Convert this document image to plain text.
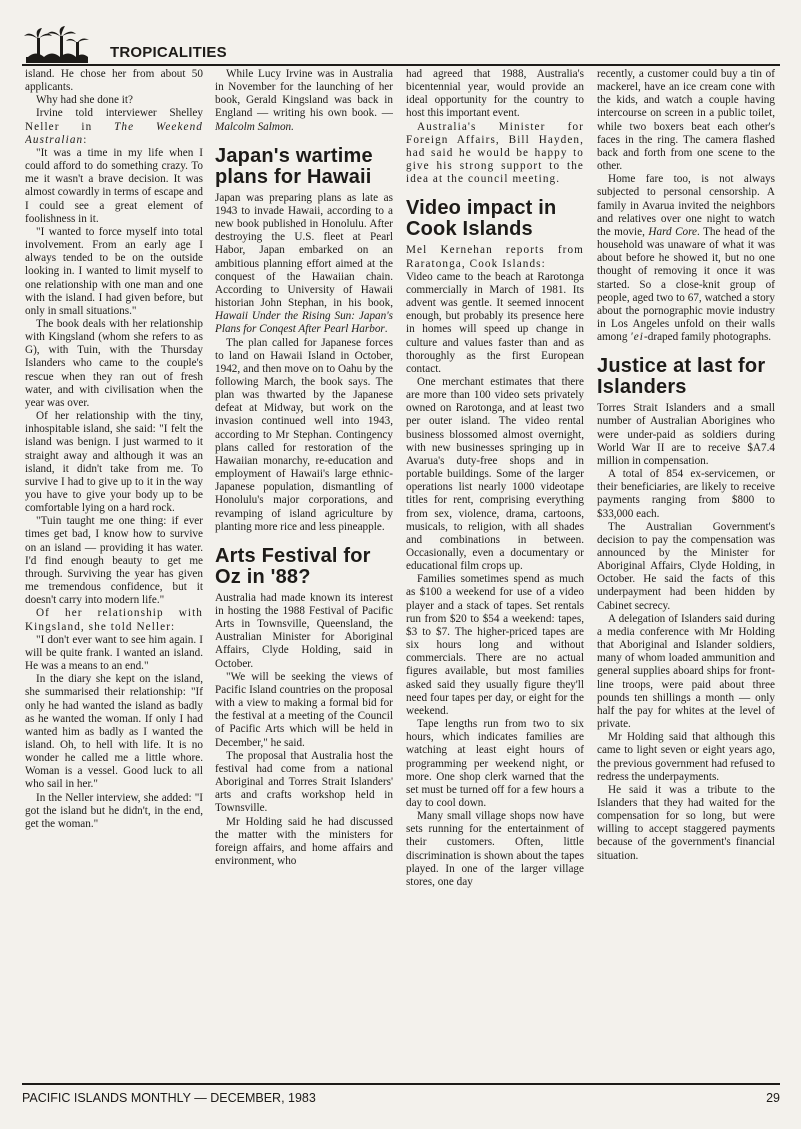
TROPICALITIES

island. He chose her from about 50 applicants.

Why had she done it?

Irvine told interviewer Shelley Neller in The Weekend Australian:

"It was a time in my life when I could afford to do something crazy. To me it wasn't a brave decision. It was almost cowardly in terms of escape and I could see a great element of foolishness in it.

"I wanted to force myself into total involvement. From an early age I always tended to be on the outside looking in. I wanted to limit myself to one relationship with one man and one with the island. I had given before, but only in small situations."

The book deals with her relationship with Kingsland (whom she refers to as G), with Tuin, with the Thursday Islanders who came to the couple's rescue when they ran out of fresh water, and with civilisation when the year was over.

Of her relationship with the tiny, inhospitable island, she said: "I felt the island was benign. I just warmed to it straight away and although it was an island, it didn't take from me. To survive I had to give up to it in the way you have to give your body up to be comfortable lying on a hard rock.

"Tuin taught me one thing: if ever times get bad, I know how to survive on an island — providing it has water. I'd find enough beauty to get me through. Surviving the year has given me tremendous confidence, but it doesn't carry into modern life."

Of her relationship with Kingsland, she told Neller:

"I don't ever want to see him again. I will be quite frank. I wanted an island. He was a means to an end."

In the diary she kept on the island, she summarised their relationship: "If only he had wanted the island as badly as he wanted the woman. If only I had wanted him as badly as I wanted the island. Oh, to hell with life. It is no wonder he called me a little whore. Woman is a vessel. Good luck to all who sail in her."

In the Neller interview, she added: "I got the island but he didn't, in the end, get the woman."

While Lucy Irvine was in Australia in November for the launching of her book, Gerald Kingsland was back in England — writing his own book. — Malcolm Salmon.

Japan's wartime plans for Hawaii

Japan was preparing plans as late as 1943 to invade Hawaii, according to a new book published in Honolulu. After destroying the U.S. fleet at Pearl Habor, Japan embarked on an ambitious planning effort aimed at the conquest of the Hawaiian chain. According to University of Hawaii historian John Stephan, in his book, Hawaii Under the Rising Sun: Japan's Plans for Conqest After Pearl Harbor.

The plan called for Japanese forces to land on Hawaii Island in October, 1942, and then move on to Oahu by the following March, the book says. The plan was thwarted by the Japanese defeat at Midway, but work on the invasion continued well into 1943, according to Mr Stephan. Contingency plans called for restoration of the Hawaiian monarchy, re-education and employment of Hawaii's large ethnic-Japanese population, dismantling of Honolulu's major corporations, and revamping of island agriculture by planting more rice and less pineapple.

Arts Festival for Oz in '88?

Australia had made known its interest in hosting the 1988 Festival of Pacific Arts in Townsville, Queensland, the Australian Minister for Aboriginal Affairs, Clyde Holding, said in October.

"We will be seeking the views of Pacific Island countries on the proposal with a view to making a formal bid for the festival at a meeting of the Council of Pacific Arts which will be held in December," he said.

The proposal that Australia host the festival had come from a national Aboriginal and Torres Strait Islanders' arts and crafts workshop held in Townsville.

Mr Holding said he had discussed the matter with the ministers for foreign affairs, and home affairs and environment, who

had agreed that 1988, Australia's bicentennial year, would provide an ideal opportunity for the country to host this important event.

Australia's Minister for Foreign Affairs, Bill Hayden, had said he would be happy to give his strong support to the idea at the council meeting.

Video impact in Cook Islands

Mel Kernehan reports from Raratonga, Cook Islands:

Video came to the beach at Rarotonga commercially in March of 1981. Its advent was gentle. It seemed innocent enough, but probably its presence here in homes will speed up change in culture and values faster than and as thoroughly as the first European contact.

One merchant estimates that there are more than 100 video sets privately owned on Rarotonga, and at least two per outer island. The video rental business blossomed almost overnight, with new businesses springing up in Avarua's duty-free shops and in portable buildings. Some of the larger operations list nearly 1000 videotape titles for rent, comprising everything from sex, violence, drama, cartoons, musicals, to religion, with all shades and combinations in between. Occasionally, even a documentary or educational film crops up.

Families sometimes spend as much as $100 a weekend for use of a video player and a stack of tapes. Set rentals run from $20 to $54 a weekend: tapes, $3 to $7. The higher-priced tapes are six hours long and without commercials. There are no actual figures available, but most families asked said they usually figure they'll need four tapes per day, or eight for the weekend.

Tape lengths run from two to six hours, which indicates families are watching at least eight hours of programming per weekend night, or more. One shop clerk warned that the set must be turned off for a few hours a day to cool down.

Many small village shops now have sets running for the entertainment of their customers. Often, little discrimination is shown about the tapes played. In one of the larger village stores, one day

recently, a customer could buy a tin of mackerel, have an ice cream cone with the kids, and watch a couple having intercourse on screen in a public toilet, while two boxers beat each other's faces in the ring. The camera flashed back and forth from one scene to the other.

Home fare too, is not always subjected to personal censorship. A family in Avarua invited the neighbors and relatives over one night to watch the movie, Hard Core. The head of the household was unaware of what it was about before he showed it, but no one thought of removing it once it was started. So a close-knit group of people, aged two to 67, watched a story about the pornographic movie industry in Los Angeles unfold on their walls among 'ei-draped family photographs.

Justice at last for Islanders

Torres Strait Islanders and a small number of Australian Aborigines who were under-paid as soldiers during World War II are to receive $A7.4 million in compensation.

A total of 854 ex-servicemen, or their beneficiaries, are likely to receive payments ranging from $800 to $33,000 each.

The Australian Government's decision to pay the compensation was announced by the Minister for Aboriginal Affairs, Clyde Holding, in October. He said the facts of this underpayment had been hidden by Cabinet secrecy.

A delegation of Islanders said during a media conference with Mr Holding that Aboriginal and Islander soldiers, many of whom loaded ammunition and general supplies aboard ships for front-line troops, were paid about three pounds ten shillings a month — only half the pay for whites at the level of private.

Mr Holding said that although this came to light seven or eight years ago, the previous government had refused to redress the underpayments.

He said it was a tribute to the Islanders that they had waited for the compensation for so long, but were willing to accept staggered payments because of the government's financial situation.

PACIFIC ISLANDS MONTHLY — DECEMBER, 1983	29
